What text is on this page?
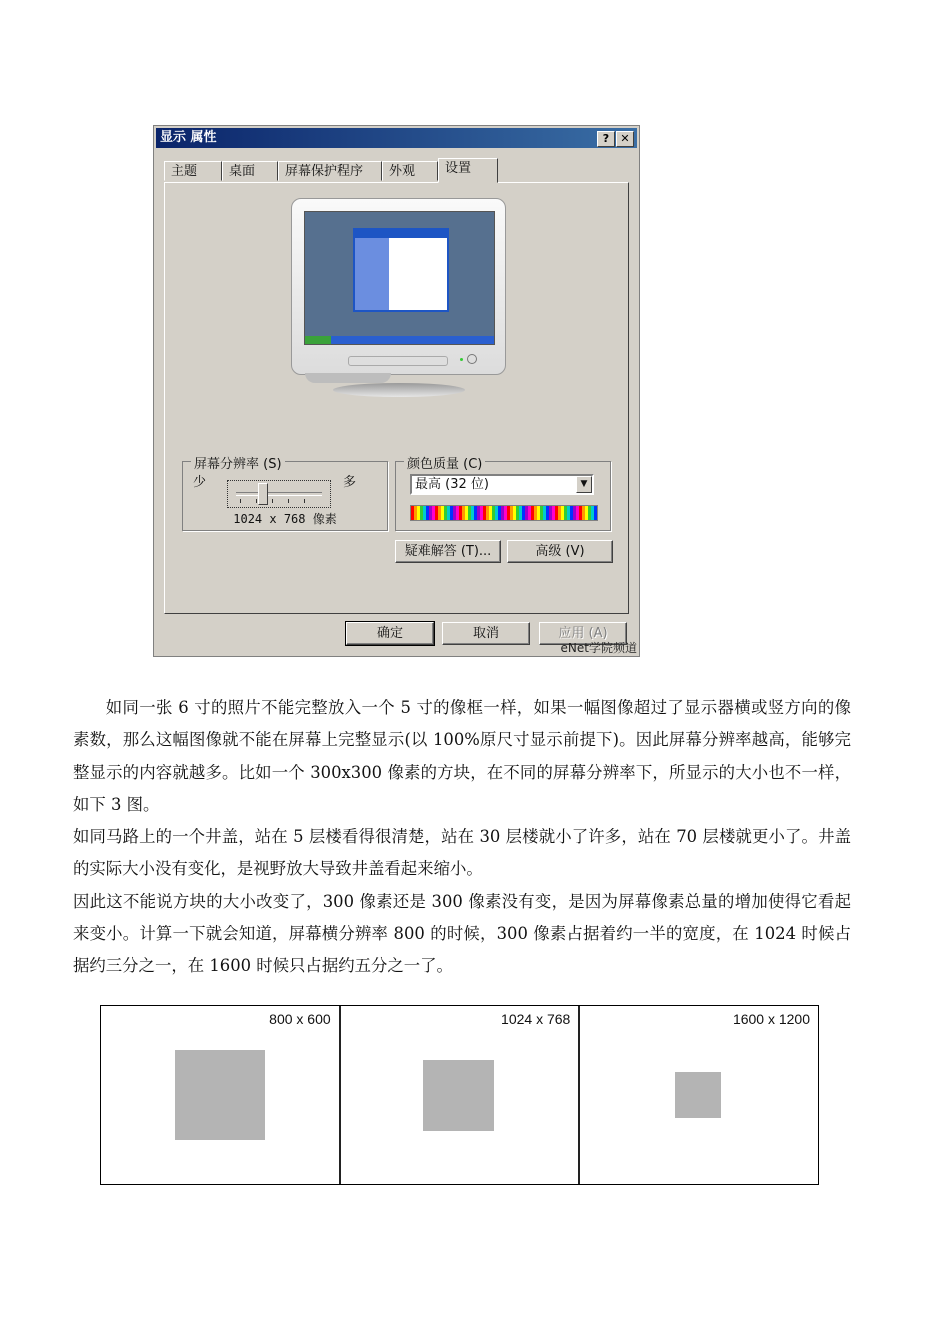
显示 属性	?	✕
主题	桌面	屏幕保护程序	外观	设置
屏幕分辨率 (S)
少	多
1024 x 768 像素
颜色质量 (C)
最高 (32 位)	▼
疑难解答 (T)...	高级 (V)
确定	取消	应用 (A)
eNet学院频道

如同一张 6 寸的照片不能完整放入一个 5 寸的像框一样，如果一幅图像超过了显示器横或竖方向的像素数，那么这幅图像就不能在屏幕上完整显示(以 100%原尺寸显示前提下)。因此屏幕分辨率越高，能够完整显示的内容就越多。比如一个 300x300 像素的方块，在不同的屏幕分辨率下，所显示的大小也不一样，如下 3 图。

如同马路上的一个井盖，站在 5 层楼看得很清楚，站在 30 层楼就小了许多，站在 70 层楼就更小了。井盖的实际大小没有变化，是视野放大导致井盖看起来缩小。

因此这不能说方块的大小改变了，300 像素还是 300 像素没有变，是因为屏幕像素总量的增加使得它看起来变小。计算一下就会知道，屏幕横分辨率 800 的时候，300 像素占据着约一半的宽度，在 1024 时候占据约三分之一，在 1600 时候只占据约五分之一了。

800 x 600	1024 x 768	1600 x 1200
